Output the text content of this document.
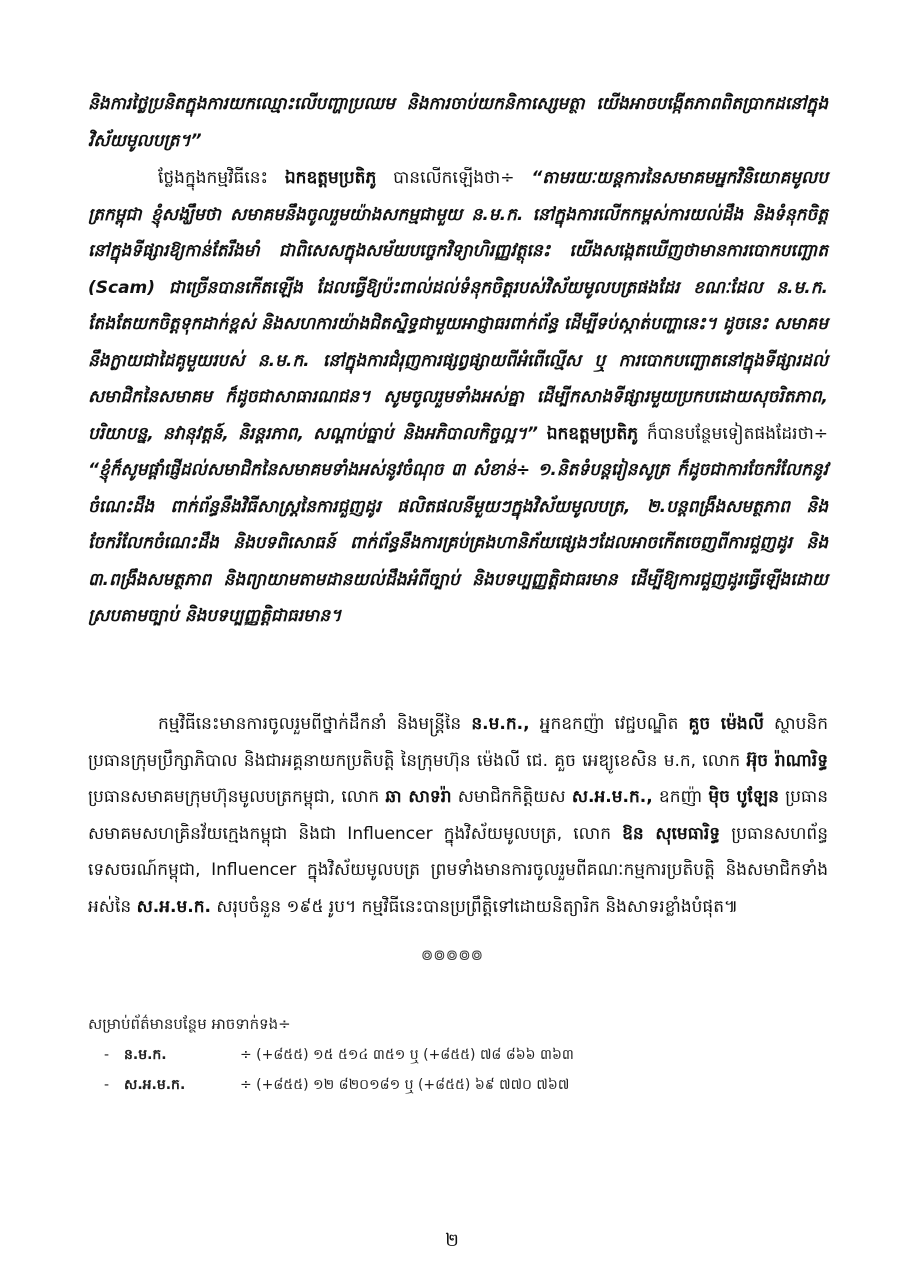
និងការថ្លៃប្រនិតក្នុងការយកឈ្មោះលើបញ្ហាប្រឈម និងការចាប់យកនិកាសេ្សមត្ថា យើងអាចបង្កើតភាពពិតប្រាកដនៅក្នុងវិស័យមូលបត្រ។”

ថ្លែងក្នុងកម្មវិធីនេះ ឯកឧត្តមប្រតិភូ បានលើកឡើងថា÷ “តាមរយៈយន្តការនៃសមាគមអ្នកវិនិយោគមូលបត្រកម្ពុជា ខ្ញុំសង្ឃឹមថា សមាគមនឹងចូលរួមយ៉ាងសកម្មជាមួយ ន.ម.ក. នៅក្នុងការលើកកម្ពស់ការយល់ដឹង និងទំនុកចិត្តនៅក្នុងទីផ្សារឱ្យកាន់តែរឹងមាំ ជាពិសេសក្នុងសម័យបច្ចេកវិទ្យាហិរញ្ញវត្ថុនេះ យើងសង្កេតឃើញថាមានការបោកបញ្ឆោត (Scam) ជាច្រើនបានកើតឡើង ដែលធ្វើឱ្យប៉ះពាល់ដល់ទំនុកចិត្តរបស់វិស័យមូលបត្រផងដែរ ខណៈដែល ន.ម.ក. តែងតែយកចិត្តទុកដាក់ខ្ពស់ និងសហការយ៉ាងជិតស្និទ្ធជាមួយអាជ្ញាធរពាក់ព័ន្ធ ដើម្បីទប់ស្កាត់បញ្ហានេះ។ ដូចនេះ សមាគមនឹងក្លាយជាដៃគូមួយរបស់ ន.ម.ក. នៅក្នុងការជំរុញការផ្សព្វផ្សាយពីអំពើល្មើស ឬ ការបោកបញ្ឆោតនៅក្នុងទីផ្សារដល់សមាជិកនៃសមាគម ក៏ដូចជាសាធារណជន។ សូមចូលរួមទាំងអស់គ្នា ដើម្បីកសាងទីផ្សារមួយប្រកបដោយសុចរិតភាព, បរិយាបន្ន, នវានុវត្តន៍, និរន្តរភាព, សណ្តាប់ធ្នាប់ និងអភិបាលកិច្ចល្អ។” ឯកឧត្តមប្រតិភូ ក៏បានបន្ថែមទៀតផងដែរថា÷ “ខ្ញុំក៏សូមផ្ដាំផ្ញើដល់សមាជិកនៃសមាគមទាំងអស់នូវចំណុច ៣ សំខាន់÷ ១.និតទំបន្តរៀនសូត្រ ក៏ដូចជាការចែករំលែកនូវចំណេះដឹង ពាក់ព័ន្ធនឹងវិធីសាស្ត្រនៃការជួញដូរ ផលិតផលនីមួយៗក្នុងវិស័យមូលបត្រ, ២.បន្តពង្រឹងសមត្ថភាព និងចែករំលែកចំណេះដឹង និងបទពិសោធន៍ ពាក់ព័ន្ធនឹងការគ្រប់គ្រងហានិភ័យផ្សេងៗដែលអាចកើតចេញពីការជួញដូរ និង ៣.ពង្រឹងសមត្ថភាព និងព្យាយាមតាមដានយល់ដឹងអំពីច្បាប់ និងបទប្បញ្ញត្តិជាធរមាន ដើម្បីឱ្យការជួញដូរធ្វើឡើងដោយស្របតាមច្បាប់ និងបទប្បញ្ញត្តិជាធរមាន។

កម្មវិធីនេះមានការចូលរួមពីថ្នាក់ដឹកនាំ និងមន្ត្រីនៃ ន.ម.ក., អ្នកឧកញ៉ា វេជ្ជបណ្ឌិត គួច ម៉េងលី ស្ថាបនិក ប្រធានក្រុមប្រឹក្សាភិបាល និងជាអគ្គនាយកប្រតិបត្តិ នៃក្រុមហ៊ុន ម៉េងលី ជេ. គួច អេឌ្យូខេសិន ម.ក, លោក អ៊ុច រ៉ាណារិទ្ធ ប្រធានសមាគមក្រុមហ៊ុនមូលបត្រកម្ពុជា, លោក ឆា សាទរ៉ា សមាជិកកិត្តិយស ស.អ.ម.ក., ឧកញ៉ា ម៉ិច បូឡែន ប្រធានសមាគមសហគ្រិនវ័យក្មេងកម្ពុជា និងជា Influencer ក្នុងវិស័យមូលបត្រ, លោក ឱន សុមេធារិទ្ធ ប្រធានសហព័ន្ធទេសចរណ៍កម្ពុជា, Influencer ក្នុងវិស័យមូលបត្រ ព្រមទាំងមានការចូលរួមពីគណៈកម្មការប្រតិបត្តិ និងសមាជិកទាំងអស់នៃ ស.អ.ម.ក. សរុបចំនួន ១៩៥ រូប។ កម្មវិធីនេះបានប្រព្រឹត្តិទៅដោយនិត្យារិក និងសាទរខ្លាំងបំផុត៕

៙៙៙៙៙
សម្រាប់ព័ត៌មានបន្ថែម អាចទាក់ទង÷
-	ន.ម.ក.	÷ (+៨៥៥) ១៥ ៥១៤ ៣៥១ ឬ (+៨៥៥) ៧៨ ៨៦៦ ៣៦៣
-	ស.អ.ម.ក.	÷ (+៨៥៥) ១២ ៨២០១៨១ ឬ (+៨៥៥) ៦៩ ៧៧០ ៧៦៧
២
